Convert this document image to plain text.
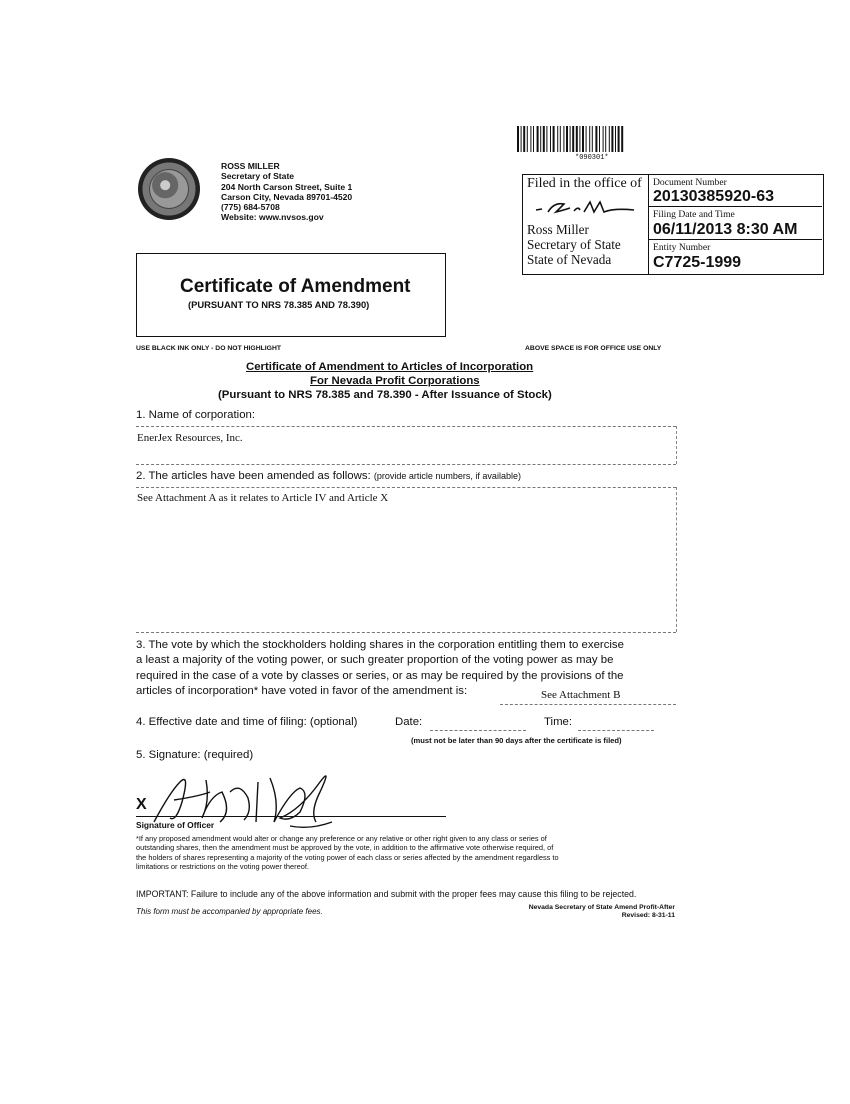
*090301*
ROSS MILLER
Secretary of State
204 North Carson Street, Suite 1
Carson City, Nevada 89701-4520
(775) 684-5708
Website: www.nvsos.gov
Certificate of Amendment
(PURSUANT TO NRS 78.385 AND 78.390)
Filed in the office of
Ross Miller
Secretary of State
State of Nevada
Document Number
20130385920-63
Filing Date and Time
06/11/2013 8:30 AM
Entity Number
C7725-1999
USE BLACK INK ONLY - DO NOT HIGHLIGHT	ABOVE SPACE IS FOR OFFICE USE ONLY
Certificate of Amendment to Articles of Incorporation
For Nevada Profit Corporations
(Pursuant to NRS 78.385 and 78.390 - After Issuance of Stock)
1. Name of corporation:
EnerJex Resources, Inc.
2. The articles have been amended as follows: (provide article numbers, if available)
See Attachment A as it relates to Article IV and Article X
3. The vote by which the stockholders holding shares in the corporation entitling them to exercise
a least a majority of the voting power, or such greater proportion of the voting power as may be
required in the case of a vote by classes or series, or as may be required by the provisions of the
articles of incorporation* have voted in favor of the amendment is:	See Attachment B
4. Effective date and time of filing: (optional)	Date:	Time:
(must not be later than 90 days after the certificate is filed)
5. Signature: (required)
X
Signature of Officer
*If any proposed amendment would alter or change any preference or any relative or other right given to any class or series of
outstanding shares, then the amendment must be approved by the vote, in addition to the affirmative vote otherwise required, of
the holders of shares representing a majority of the voting power of each class or series affected by the amendment regardless to
limitations or restrictions on the voting power thereof.
IMPORTANT: Failure to include any of the above information and submit with the proper fees may cause this filing to be rejected.
This form must be accompanied by appropriate fees.	Nevada Secretary of State Amend Profit-After
Revised: 8-31-11
